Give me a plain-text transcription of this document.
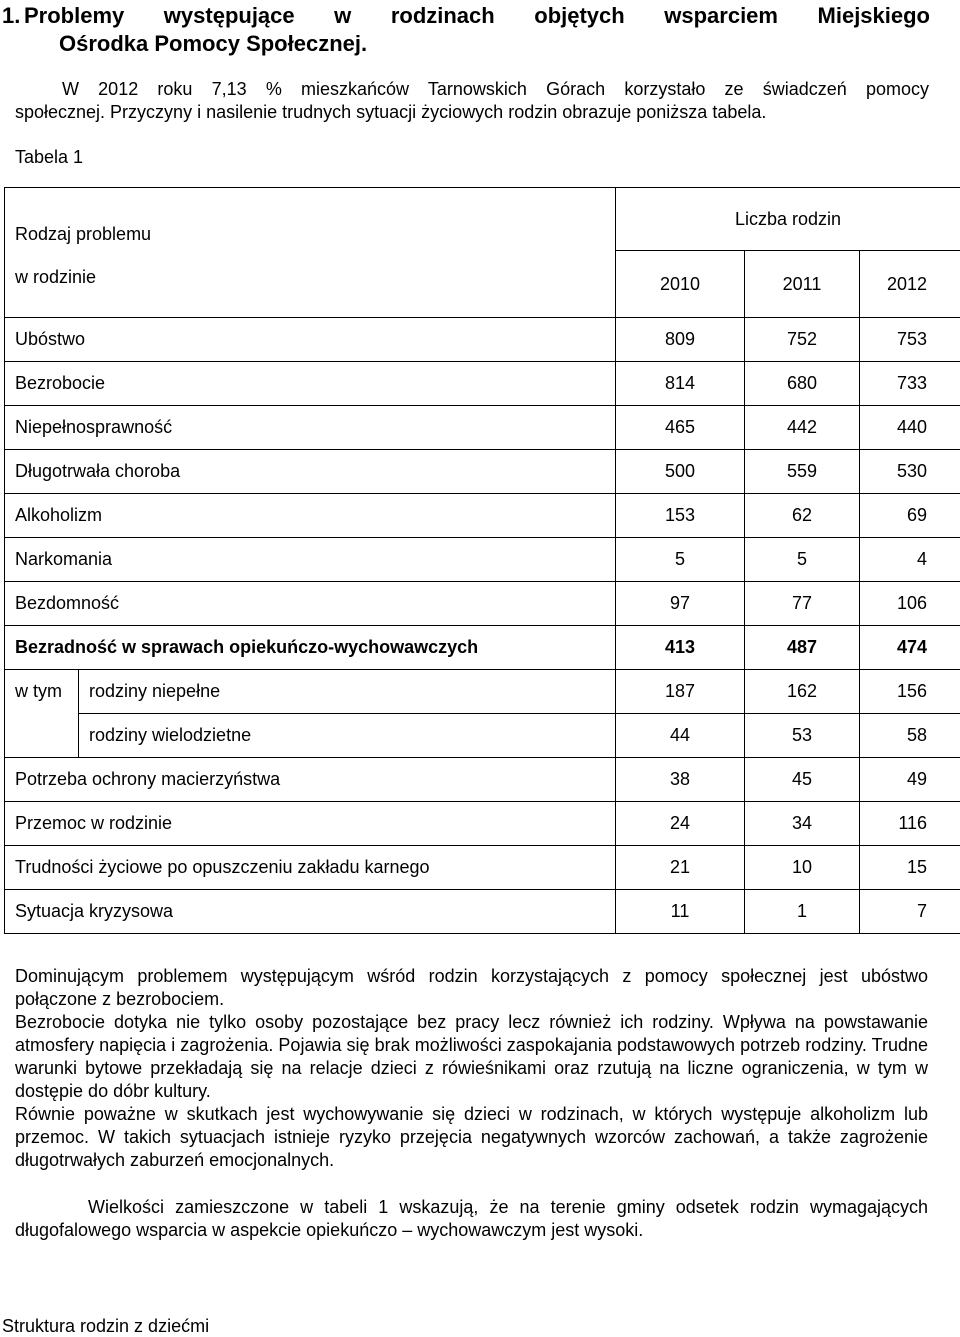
1. Problemy występujące w rodzinach objętych wsparciem Miejskiego
Ośrodka Pomocy Społecznej.
W 2012 roku 7,13 % mieszkańców Tarnowskich Górach korzystało ze świadczeń pomocy
społecznej. Przyczyny i nasilenie trudnych sytuacji życiowych rodzin obrazuje poniższa tabela.
Tabela 1
Rodzaj problemu
w rodzinie		Liczba rodzin		
		2010	2011	2012
Ubóstwo		809	752	753
Bezrobocie		814	680	733
Niepełnosprawność		465	442	440
Długotrwała choroba		500	559	530
Alkoholizm		153	62	69
Narkomania		5	5	4
Bezdomność		97	77	106
Bezradność w sprawach opiekuńczo-wychowawczych		413	487	474
w tym	rodziny niepełne	187	162	156
	rodziny wielodzietne	44	53	58
Potrzeba ochrony macierzyństwa		38	45	49
Przemoc w rodzinie		24	34	116
Trudności życiowe po opuszczeniu zakładu karnego		21	10	15
Sytuacja kryzysowa		11	1	7

Dominującym problemem występującym wśród rodzin korzystających z pomocy społecznej jest ubóstwo połączone z bezrobociem.

Bezrobocie dotyka nie tylko osoby pozostające bez pracy lecz również ich rodziny. Wpływa na powstawanie atmosfery napięcia i zagrożenia. Pojawia się brak możliwości zaspokajania podstawowych potrzeb rodziny. Trudne warunki bytowe przekładają się na relacje dzieci z rówieśnikami oraz rzutują na liczne ograniczenia, w tym w dostępie do dóbr kultury.

Równie poważne w skutkach jest wychowywanie się dzieci w rodzinach, w których występuje alkoholizm lub przemoc. W takich sytuacjach istnieje ryzyko przejęcia negatywnych wzorców zachowań, a także zagrożenie długotrwałych zaburzeń emocjonalnych.

Wielkości zamieszczone w tabeli 1 wskazują, że na terenie gminy odsetek rodzin wymagających długofalowego wsparcia w aspekcie opiekuńczo – wychowawczym jest wysoki.

Struktura rodzin z dziećmi
